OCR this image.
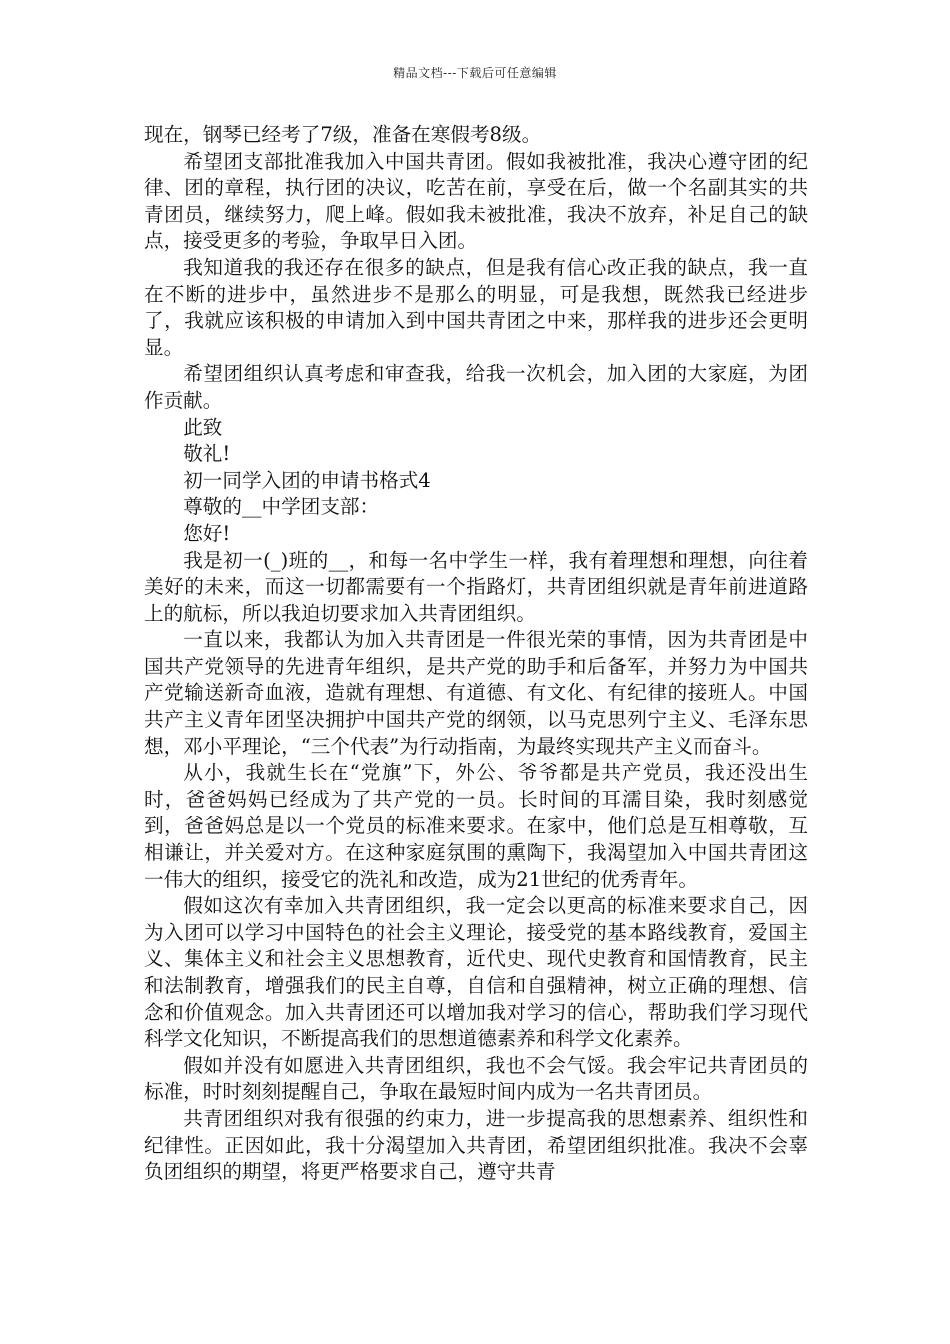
精品文档---下载后可任意编辑

现在，钢琴已经考了7级，准备在寒假考8级。

希望团支部批准我加入中国共青团。假如我被批准，我决心遵守团的纪律、团的章程，执行团的决议，吃苦在前，享受在后，做一个名副其实的共青团员，继续努力，爬上峰。假如我未被批准，我决不放弃，补足自己的缺点，接受更多的考验，争取早日入团。

我知道我的我还存在很多的缺点，但是我有信心改正我的缺点，我一直在不断的进步中，虽然进步不是那么的明显，可是我想，既然我已经进步了，我就应该积极的申请加入到中国共青团之中来，那样我的进步还会更明显。

希望团组织认真考虑和审查我，给我一次机会，加入团的大家庭，为团作贡献。

此致

敬礼!

初一同学入团的申请书格式4

尊敬的__中学团支部：

您好!

我是初一(_)班的__，和每一名中学生一样，我有着理想和理想，向往着美好的未来，而这一切都需要有一个指路灯，共青团组织就是青年前进道路上的航标，所以我迫切要求加入共青团组织。

一直以来，我都认为加入共青团是一件很光荣的事情，因为共青团是中国共产党领导的先进青年组织，是共产党的助手和后备军，并努力为中国共产党输送新奇血液，造就有理想、有道德、有文化、有纪律的接班人。中国共产主义青年团坚决拥护中国共产党的纲领，以马克思列宁主义、毛泽东思想，邓小平理论，“三个代表”为行动指南，为最终实现共产主义而奋斗。

从小，我就生长在“党旗”下，外公、爷爷都是共产党员，我还没出生时，爸爸妈妈已经成为了共产党的一员。长时间的耳濡目染，我时刻感觉到，爸爸妈总是以一个党员的标准来要求。在家中，他们总是互相尊敬，互相谦让，并关爱对方。在这种家庭氛围的熏陶下，我渴望加入中国共青团这一伟大的组织，接受它的洗礼和改造，成为21世纪的优秀青年。

假如这次有幸加入共青团组织，我一定会以更高的标准来要求自己，因为入团可以学习中国特色的社会主义理论，接受党的基本路线教育，爱国主义、集体主义和社会主义思想教育，近代史、现代史教育和国情教育，民主和法制教育，增强我们的民主自尊，自信和自强精神，树立正确的理想、信念和价值观念。加入共青团还可以增加我对学习的信心，帮助我们学习现代科学文化知识，不断提高我们的思想道德素养和科学文化素养。

假如并没有如愿进入共青团组织，我也不会气馁。我会牢记共青团员的标准，时时刻刻提醒自己，争取在最短时间内成为一名共青团员。

共青团组织对我有很强的约束力，进一步提高我的思想素养、组织性和纪律性。正因如此，我十分渴望加入共青团，希望团组织批准。我决不会辜负团组织的期望，将更严格要求自己，遵守共青
